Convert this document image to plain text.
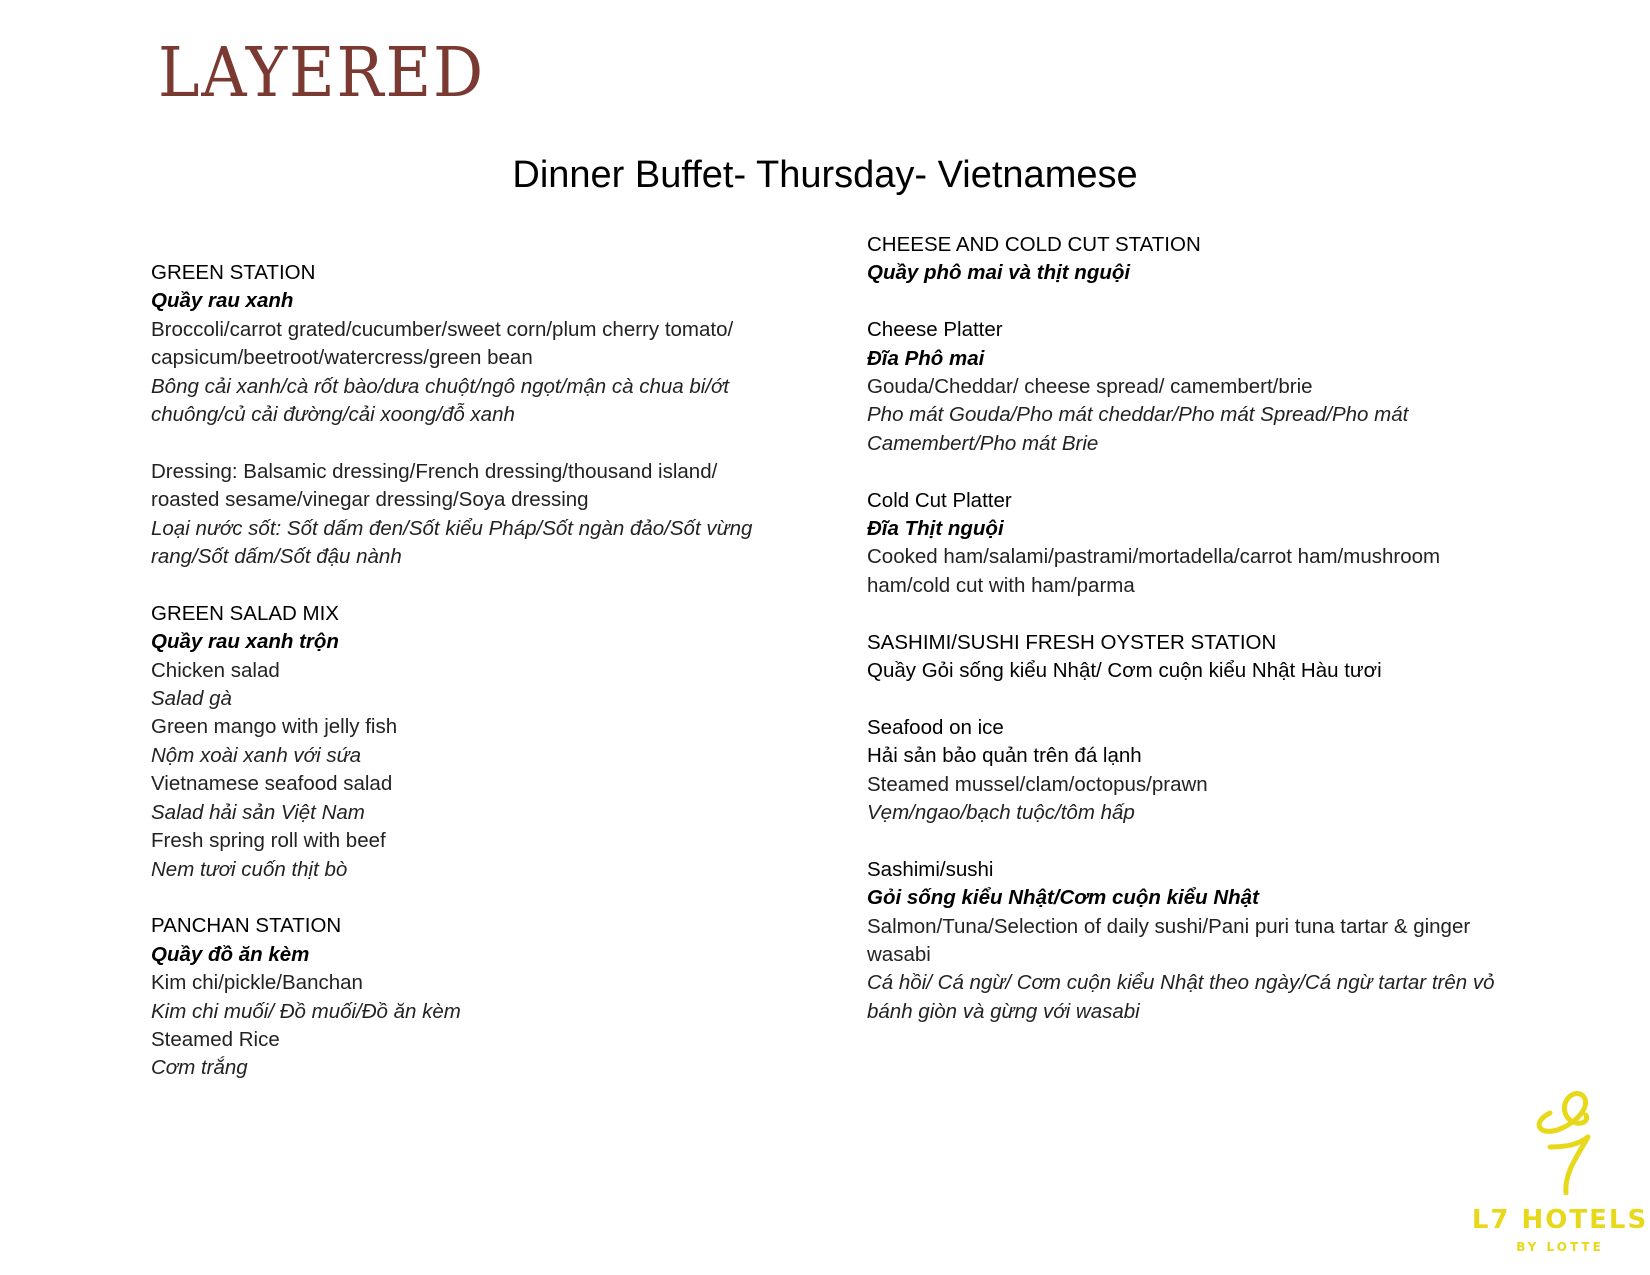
LAYERED
Dinner Buffet- Thursday- Vietnamese
GREEN STATION
Quầy rau xanh
Broccoli/carrot grated/cucumber/sweet corn/plum cherry tomato/
capsicum/beetroot/watercress/green bean
Bông cải xanh/cà rốt bào/dưa chuột/ngô ngọt/mận cà chua bi/ớt
chuông/củ cải đường/cải xoong/đỗ xanh
Dressing: Balsamic dressing/French dressing/thousand island/
roasted sesame/vinegar dressing/Soya dressing
Loại nước sốt: Sốt dấm đen/Sốt kiểu Pháp/Sốt ngàn đảo/Sốt vừng
rang/Sốt dấm/Sốt đậu nành
GREEN SALAD MIX
Quầy rau xanh trộn
Chicken salad
Salad gà
Green mango with jelly fish
Nộm xoài xanh với sứa
Vietnamese seafood salad
Salad hải sản Việt Nam
Fresh spring roll with beef
Nem tươi cuốn thịt bò
PANCHAN STATION
Quầy đồ ăn kèm
Kim chi/pickle/Banchan
Kim chi muối/ Đồ muối/Đồ ăn kèm
Steamed Rice
Cơm trắng
CHEESE AND COLD CUT STATION
Quầy phô mai và thịt nguội
Cheese Platter
Đĩa Phô mai
Gouda/Cheddar/ cheese spread/ camembert/brie
Pho mát Gouda/Pho mát cheddar/Pho mát Spread/Pho mát
Camembert/Pho mát Brie
Cold Cut Platter
Đĩa Thịt nguội
Cooked ham/salami/pastrami/mortadella/carrot ham/mushroom
ham/cold cut with ham/parma
SASHIMI/SUSHI FRESH OYSTER STATION
Quầy Gỏi sống kiểu Nhật/ Cơm cuộn kiểu Nhật Hàu tươi
Seafood on ice
Hải sản bảo quản trên đá lạnh
Steamed mussel/clam/octopus/prawn
Vẹm/ngao/bạch tuộc/tôm hấp
Sashimi/sushi
Gỏi sống kiểu Nhật/Cơm cuộn kiểu Nhật
Salmon/Tuna/Selection of daily sushi/Pani puri tuna tartar & ginger
wasabi
Cá hồi/ Cá ngừ/ Cơm cuộn kiểu Nhật theo ngày/Cá ngừ tartar trên vỏ
bánh giòn và gừng với wasabi
L7 HOTELS
BY LOTTE
